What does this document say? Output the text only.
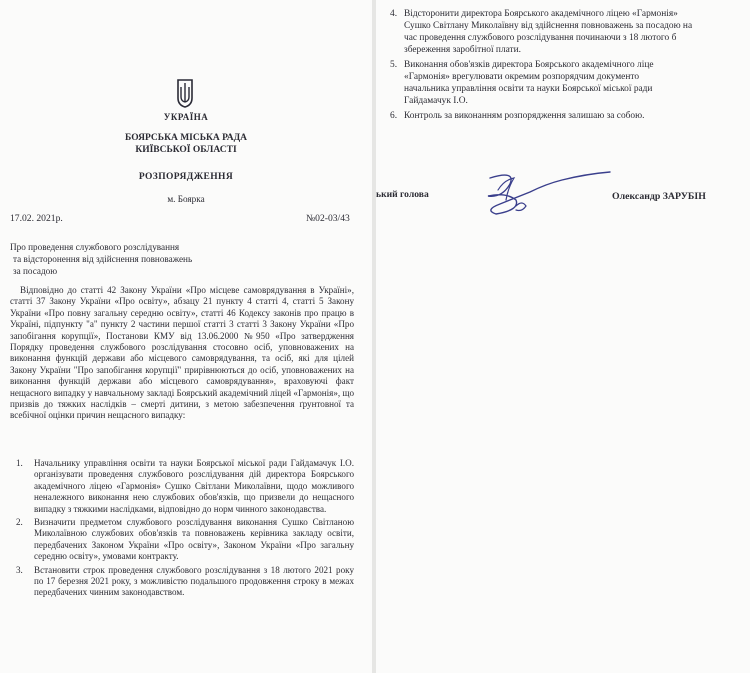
УКРАЇНА
БОЯРСЬКА МІСЬКА РАДА
КИЇВСЬКОЇ ОБЛАСТІ
РОЗПОРЯДЖЕННЯ
м. Боярка
17.02. 2021р.	№02-03/43
Про проведення службового розслідування
та відсторонення від здійснення повноважень
за посадою
Відповідно до статті 42 Закону України «Про місцеве самоврядування в Україні», статті 37 Закону України «Про освіту», абзацу 21 пункту 4 статті 4, статті 5 Закону України «Про повну загальну середню освіту», статті 46 Кодексу законів про працю в Україні, підпункту "а" пункту 2 частини першої статті 3 статті 3 Закону України «Про запобігання корупції», Постанови КМУ від 13.06.2000 №950 «Про затвердження Порядку проведення службового розслідування стосовно осіб, уповноважених на виконання функцій держави або місцевого самоврядування, та осіб, які для цілей Закону України "Про запобігання корупції" прирівнюються до осіб, уповноважених на виконання функцій держави або місцевого самоврядування», враховуючі факт нещасного випадку у навчальному закладі Боярський академічний ліцей «Гармонія», що призвів до тяжких наслідків – смерті дитини, з метою забезпечення ґрунтовної та всебічної оцінки причин нещасного випадку:
1. Начальнику управління освіти та науки Боярської міської ради Гайдамачук І.О. організувати проведення службового розслідування дій директора Боярського академічного ліцею «Гармонія» Сушко Світлани Миколаївни, щодо можливого неналежного виконання нею службових обов'язків, що призвели до нещасного випадку з тяжкими наслідками, відповідно до норм чинного законодавства.
2. Визначити предметом службового розслідування виконання Сушко Світланою Миколаївною службових обов'язків та повноважень керівника закладу освіти, передбачених Законом України «Про освіту», Законом України «Про загальну середню освіту», умовами контракту.
3. Встановити строк проведення службового розслідування з 18 лютого 2021 року по 17 березня 2021 року, з можливістю подальшого продовження строку в межах передбачених чинним законодавством.
4. Відсторонити директора Боярського академічного ліцею «Гармонія»
Сушко Світлану Миколаївну від здійснення повноважень за посадою на
час проведення службового розслідування починаючи з 18 лютого б
збереження заробітної плати.
5. Виконання обов'язків директора Боярського академічного ліце
«Гармонія» врегулювати окремим розпорядчим документо
начальника управління освіти та науки Боярської міської ради
Гайдамачук І.О.
6. Контроль за виконанням розпорядження залишаю за собою.
ький голова	Олександр ЗАРУБІН
